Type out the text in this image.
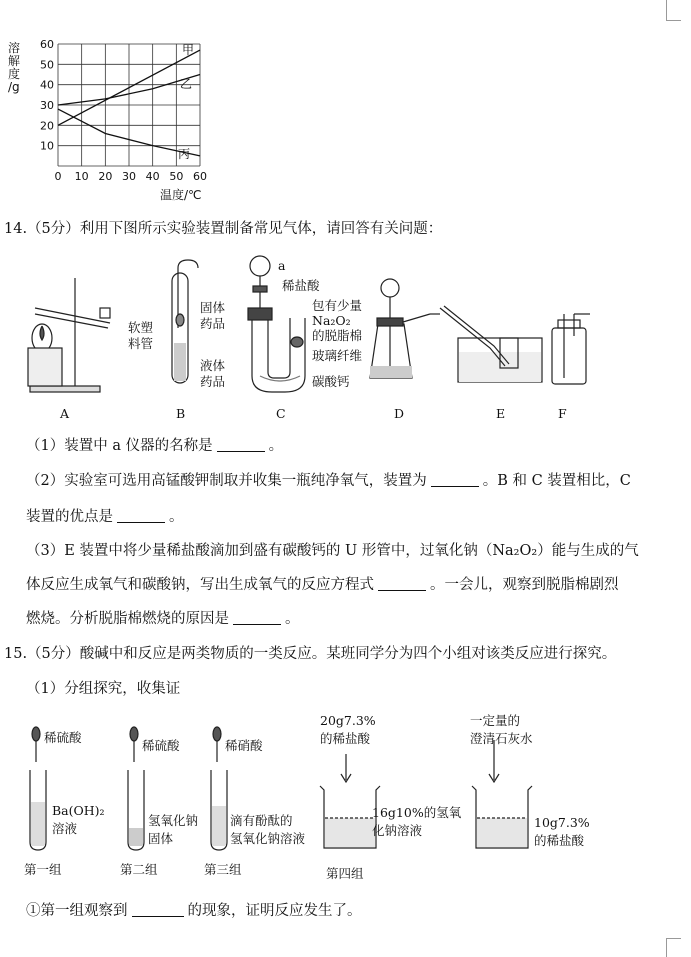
10
20
30
40
50
60
0 10 20 30 40 50 60
甲
乙
丙
溶
解
度
/g
温度/℃
14.（5分）利用下图所示实验装置制备常见气体，请回答有关问题：
软塑
料管
固体
药品
液体
药品
a
稀盐酸
包有少量
Na₂O₂
的脱脂棉
玻璃纤维
碳酸钙
A	B	C	D	E	F
（1）装置中 a 仪器的名称是	。
（2）实验室可选用高锰酸钾制取并收集一瓶纯净氧气，装置为	。B 和 C 装置相比，C
装置的优点是	。
（3）E 装置中将少量稀盐酸滴加到盛有碳酸钙的 U 形管中，过氧化钠（Na₂O₂）能与生成的气
体反应生成氧气和碳酸钠，写出生成氧气的反应方程式	。一会儿，观察到脱脂棉剧烈
燃烧。分析脱脂棉燃烧的原因是	。
15.（5分）酸碱中和反应是两类物质的一类反应。某班同学分为四个小组对该类反应进行探究。
（1）分组探究，收集证
稀硫酸
稀硫酸	稀硝酸
Ba(OH)₂
溶液
氢氧化钠
固体
滴有酚酞的
氢氧化钠溶液
20g7.3%
的稀盐酸
16g10%的氢氧
化钠溶液
一定量的
澄清石灰水
10g7.3%
的稀盐酸
第一组	第二组	第三组	第四组
①第一组观察到	的现象，证明反应发生了。
